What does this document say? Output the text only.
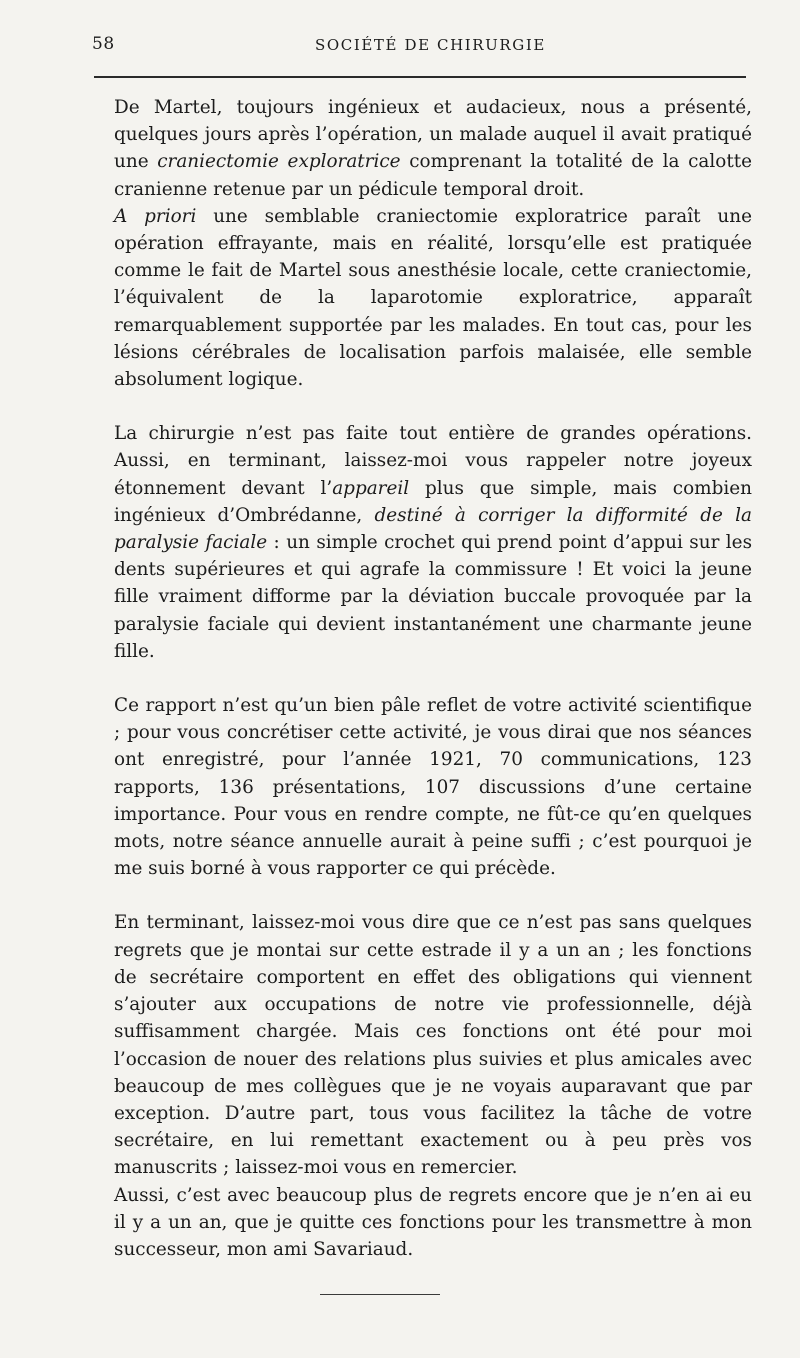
58	SOCIÉTÉ DE CHIRURGIE

De Martel, toujours ingénieux et audacieux, nous a présenté, quelques jours après l’opération, un malade auquel il avait pratiqué une craniectomie exploratrice comprenant la totalité de la calotte cranienne retenue par un pédicule temporal droit.

A priori une semblable craniectomie exploratrice paraît une opération effrayante, mais en réalité, lorsqu’elle est pratiquée comme le fait de Martel sous anesthésie locale, cette craniectomie, l’équivalent de la laparotomie exploratrice, apparaît remarquablement supportée par les malades. En tout cas, pour les lésions cérébrales de localisation parfois malaisée, elle semble absolument logique.

La chirurgie n’est pas faite tout entière de grandes opérations. Aussi, en terminant, laissez-moi vous rappeler notre joyeux étonnement devant l’appareil plus que simple, mais combien ingénieux d’Ombrédanne, destiné à corriger la difformité de la paralysie faciale : un simple crochet qui prend point d’appui sur les dents supérieures et qui agrafe la commissure ! Et voici la jeune fille vraiment difforme par la déviation buccale provoquée par la paralysie faciale qui devient instantanément une charmante jeune fille.

Ce rapport n’est qu’un bien pâle reflet de votre activité scientifique ; pour vous concrétiser cette activité, je vous dirai que nos séances ont enregistré, pour l’année 1921, 70 communications, 123 rapports, 136 présentations, 107 discussions d’une certaine importance. Pour vous en rendre compte, ne fût-ce qu’en quelques mots, notre séance annuelle aurait à peine suffi ; c’est pourquoi je me suis borné à vous rapporter ce qui précède.

En terminant, laissez-moi vous dire que ce n’est pas sans quelques regrets que je montai sur cette estrade il y a un an ; les fonctions de secrétaire comportent en effet des obligations qui viennent s’ajouter aux occupations de notre vie professionnelle, déjà suffisamment chargée. Mais ces fonctions ont été pour moi l’occasion de nouer des relations plus suivies et plus amicales avec beaucoup de mes collègues que je ne voyais auparavant que par exception. D’autre part, tous vous facilitez la tâche de votre secrétaire, en lui remettant exactement ou à peu près vos manuscrits ; laissez-moi vous en remercier.

Aussi, c’est avec beaucoup plus de regrets encore que je n’en ai eu il y a un an, que je quitte ces fonctions pour les transmettre à mon successeur, mon ami Savariaud.
